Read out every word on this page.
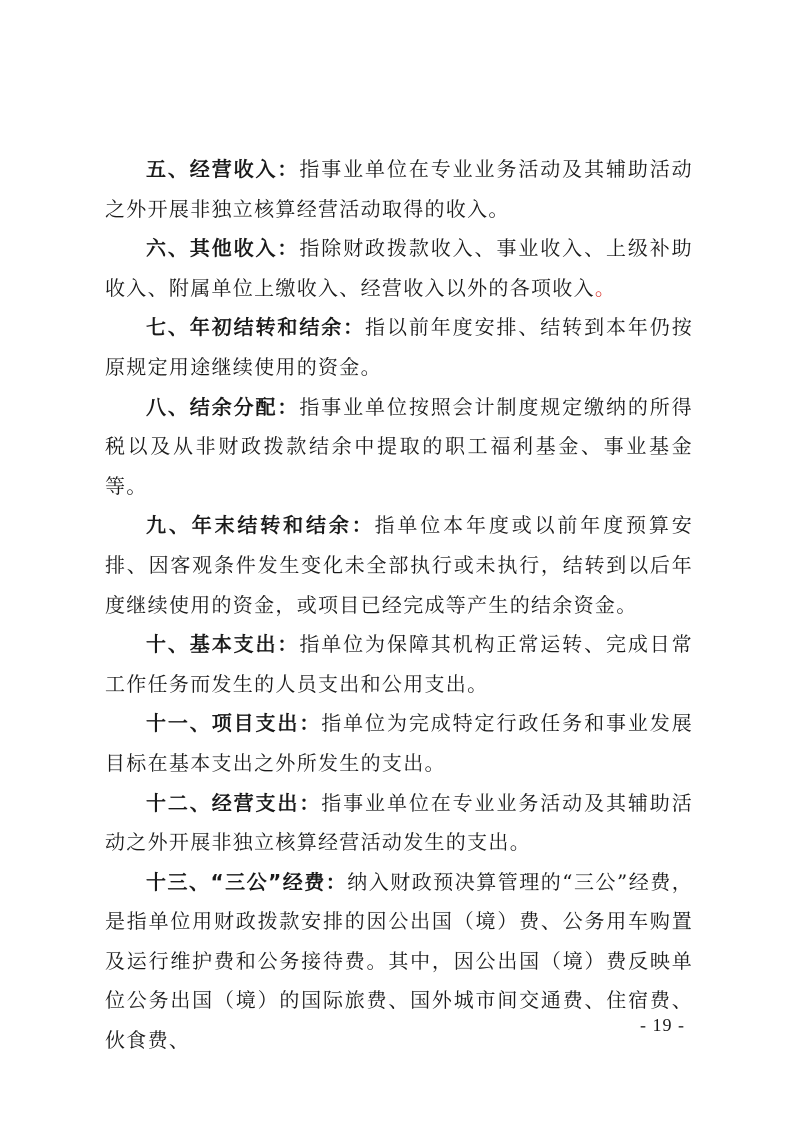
五、经营收入：指事业单位在专业业务活动及其辅助活动之外开展非独立核算经营活动取得的收入。

六、其他收入：指除财政拨款收入、事业收入、上级补助收入、附属单位上缴收入、经营收入以外的各项收入。

七、年初结转和结余：指以前年度安排、结转到本年仍按原规定用途继续使用的资金。

八、结余分配：指事业单位按照会计制度规定缴纳的所得税以及从非财政拨款结余中提取的职工福利基金、事业基金等。

九、年末结转和结余：指单位本年度或以前年度预算安排、因客观条件发生变化未全部执行或未执行，结转到以后年度继续使用的资金，或项目已经完成等产生的结余资金。

十、基本支出：指单位为保障其机构正常运转、完成日常工作任务而发生的人员支出和公用支出。

十一、项目支出：指单位为完成特定行政任务和事业发展目标在基本支出之外所发生的支出。

十二、经营支出：指事业单位在专业业务活动及其辅助活动之外开展非独立核算经营活动发生的支出。

十三、“三公”经费：纳入财政预决算管理的“三公”经费，是指单位用财政拨款安排的因公出国（境）费、公务用车购置及运行维护费和公务接待费。其中，因公出国（境）费反映单位公务出国（境）的国际旅费、国外城市间交通费、住宿费、伙食费、

- 19 -
